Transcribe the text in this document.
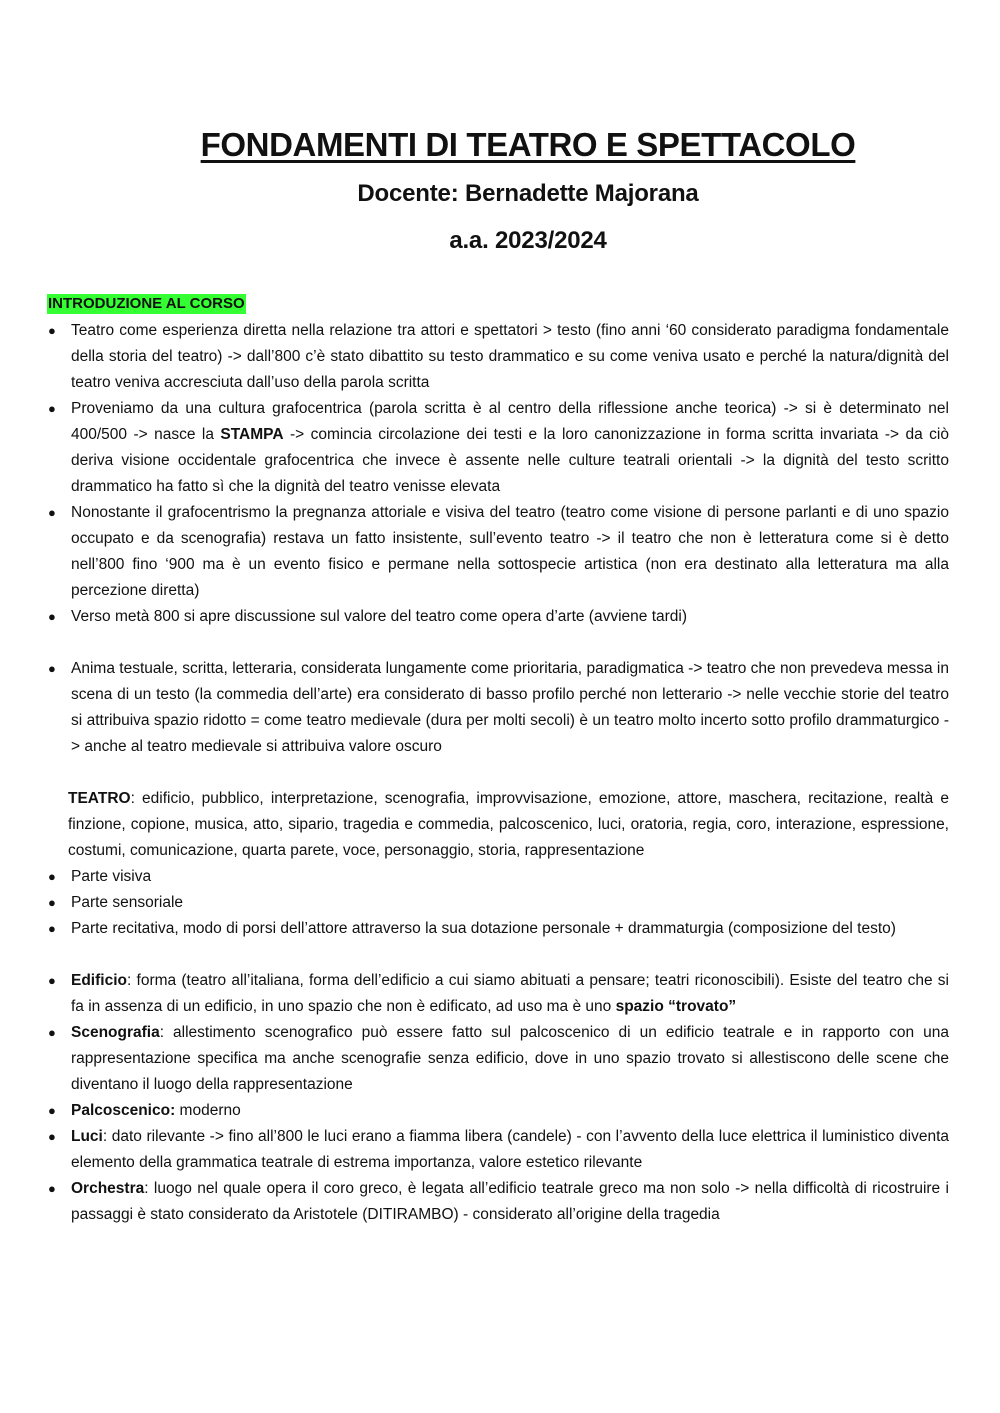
FONDAMENTI DI TEATRO E SPETTACOLO
Docente: Bernadette Majorana
a.a. 2023/2024
INTRODUZIONE AL CORSO
● Teatro come esperienza diretta nella relazione tra attori e spettatori > testo (fino anni ‘60 considerato paradigma fondamentale della storia del teatro) -> dall’800 c’è stato dibattito su testo drammatico e su come veniva usato e perché la natura/dignità del teatro veniva accresciuta dall’uso della parola scritta
● Proveniamo da una cultura grafocentrica (parola scritta è al centro della riflessione anche teorica) -> si è determinato nel 400/500 -> nasce la STAMPA -> comincia circolazione dei testi e la loro canonizzazione in forma scritta invariata -> da ciò deriva visione occidentale grafocentrica che invece è assente nelle culture teatrali orientali -> la dignità del testo scritto drammatico ha fatto sì che la dignità del teatro venisse elevata
● Nonostante il grafocentrismo la pregnanza attoriale e visiva del teatro (teatro come visione di persone parlanti e di uno spazio occupato e da scenografia) restava un fatto insistente, sull’evento teatro -> il teatro che non è letteratura come si è detto nell’800 fino ‘900 ma è un evento fisico e permane nella sottospecie artistica (non era destinato alla letteratura ma alla percezione diretta)
● Verso metà 800 si apre discussione sul valore del teatro come opera d’arte (avviene tardi)
● Anima testuale, scritta, letteraria, considerata lungamente come prioritaria, paradigmatica -> teatro che non prevedeva messa in scena di un testo (la commedia dell’arte) era considerato di basso profilo perché non letterario -> nelle vecchie storie del teatro si attribuiva spazio ridotto = come teatro medievale (dura per molti secoli) è un teatro molto incerto sotto profilo drammaturgico -> anche al teatro medievale si attribuiva valore oscuro
TEATRO: edificio, pubblico, interpretazione, scenografia, improvvisazione, emozione, attore, maschera, recitazione, realtà e finzione, copione, musica, atto, sipario, tragedia e commedia, palcoscenico, luci, oratoria, regia, coro, interazione, espressione, costumi, comunicazione, quarta parete, voce, personaggio, storia, rappresentazione
● Parte visiva
● Parte sensoriale
● Parte recitativa, modo di porsi dell’attore attraverso la sua dotazione personale + drammaturgia (composizione del testo)
● Edificio: forma (teatro all’italiana, forma dell’edificio a cui siamo abituati a pensare; teatri riconoscibili). Esiste del teatro che si fa in assenza di un edificio, in uno spazio che non è edificato, ad uso ma è uno spazio “trovato”
● Scenografia: allestimento scenografico può essere fatto sul palcoscenico di un edificio teatrale e in rapporto con una rappresentazione specifica ma anche scenografie senza edificio, dove in uno spazio trovato si allestiscono delle scene che diventano il luogo della rappresentazione
● Palcoscenico: moderno
● Luci: dato rilevante -> fino all’800 le luci erano a fiamma libera (candele) - con l’avvento della luce elettrica il luministico diventa elemento della grammatica teatrale di estrema importanza, valore estetico rilevante
● Orchestra: luogo nel quale opera il coro greco, è legata all’edificio teatrale greco ma non solo -> nella difficoltà di ricostruire i passaggi è stato considerato da Aristotele (DITIRAMBO) - considerato all’origine della tragedia
